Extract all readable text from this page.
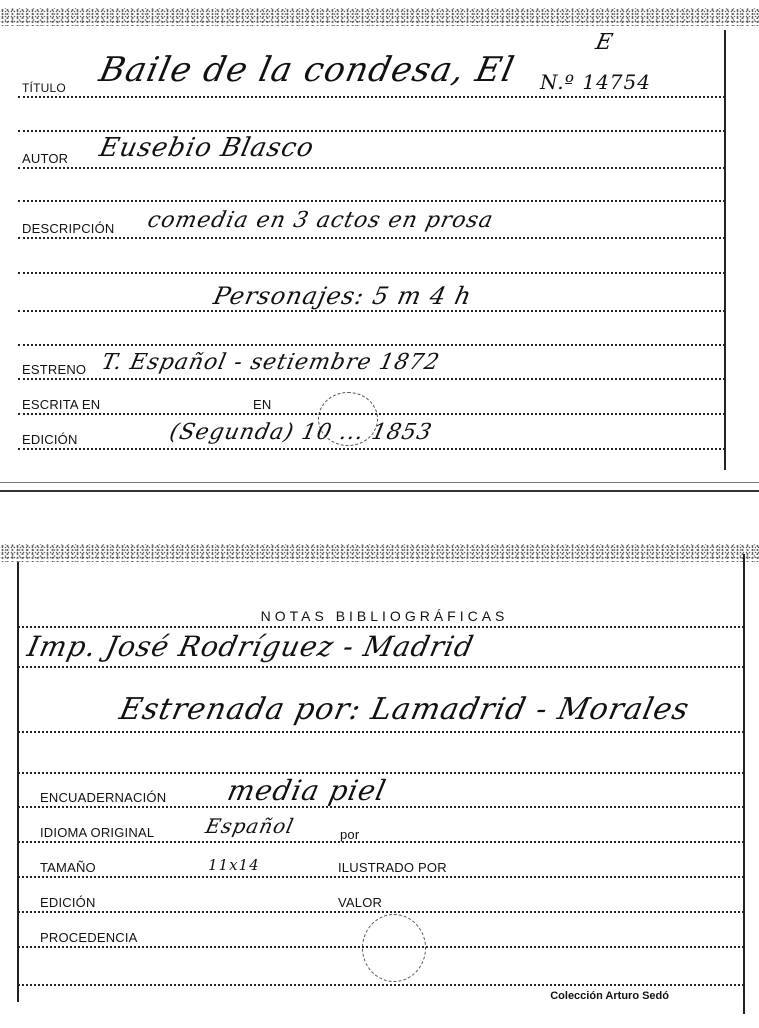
E
TÍTULO Baile de la condesa, El N.º 14754
AUTOR Eusebio Blasco
DESCRIPCIÓN comedia en 3 actos en prosa
Personajes: 5 m 4 h
ESTRENO T. Español - setiembre 1872
ESCRITA EN	EN
EDICIÓN	(Segunda) 10 ... 1853
NOTAS BIBLIOGRÁFICAS
Imp. José Rodríguez - Madrid
Estrenada por: Lamadrid - Morales
ENCUADERNACIÓN media piel
IDIOMA ORIGINAL Español	por
TAMAÑO	11x14	ILUSTRADO POR
EDICIÓN	VALOR
PROCEDENCIA
Colección Arturo Sedó
